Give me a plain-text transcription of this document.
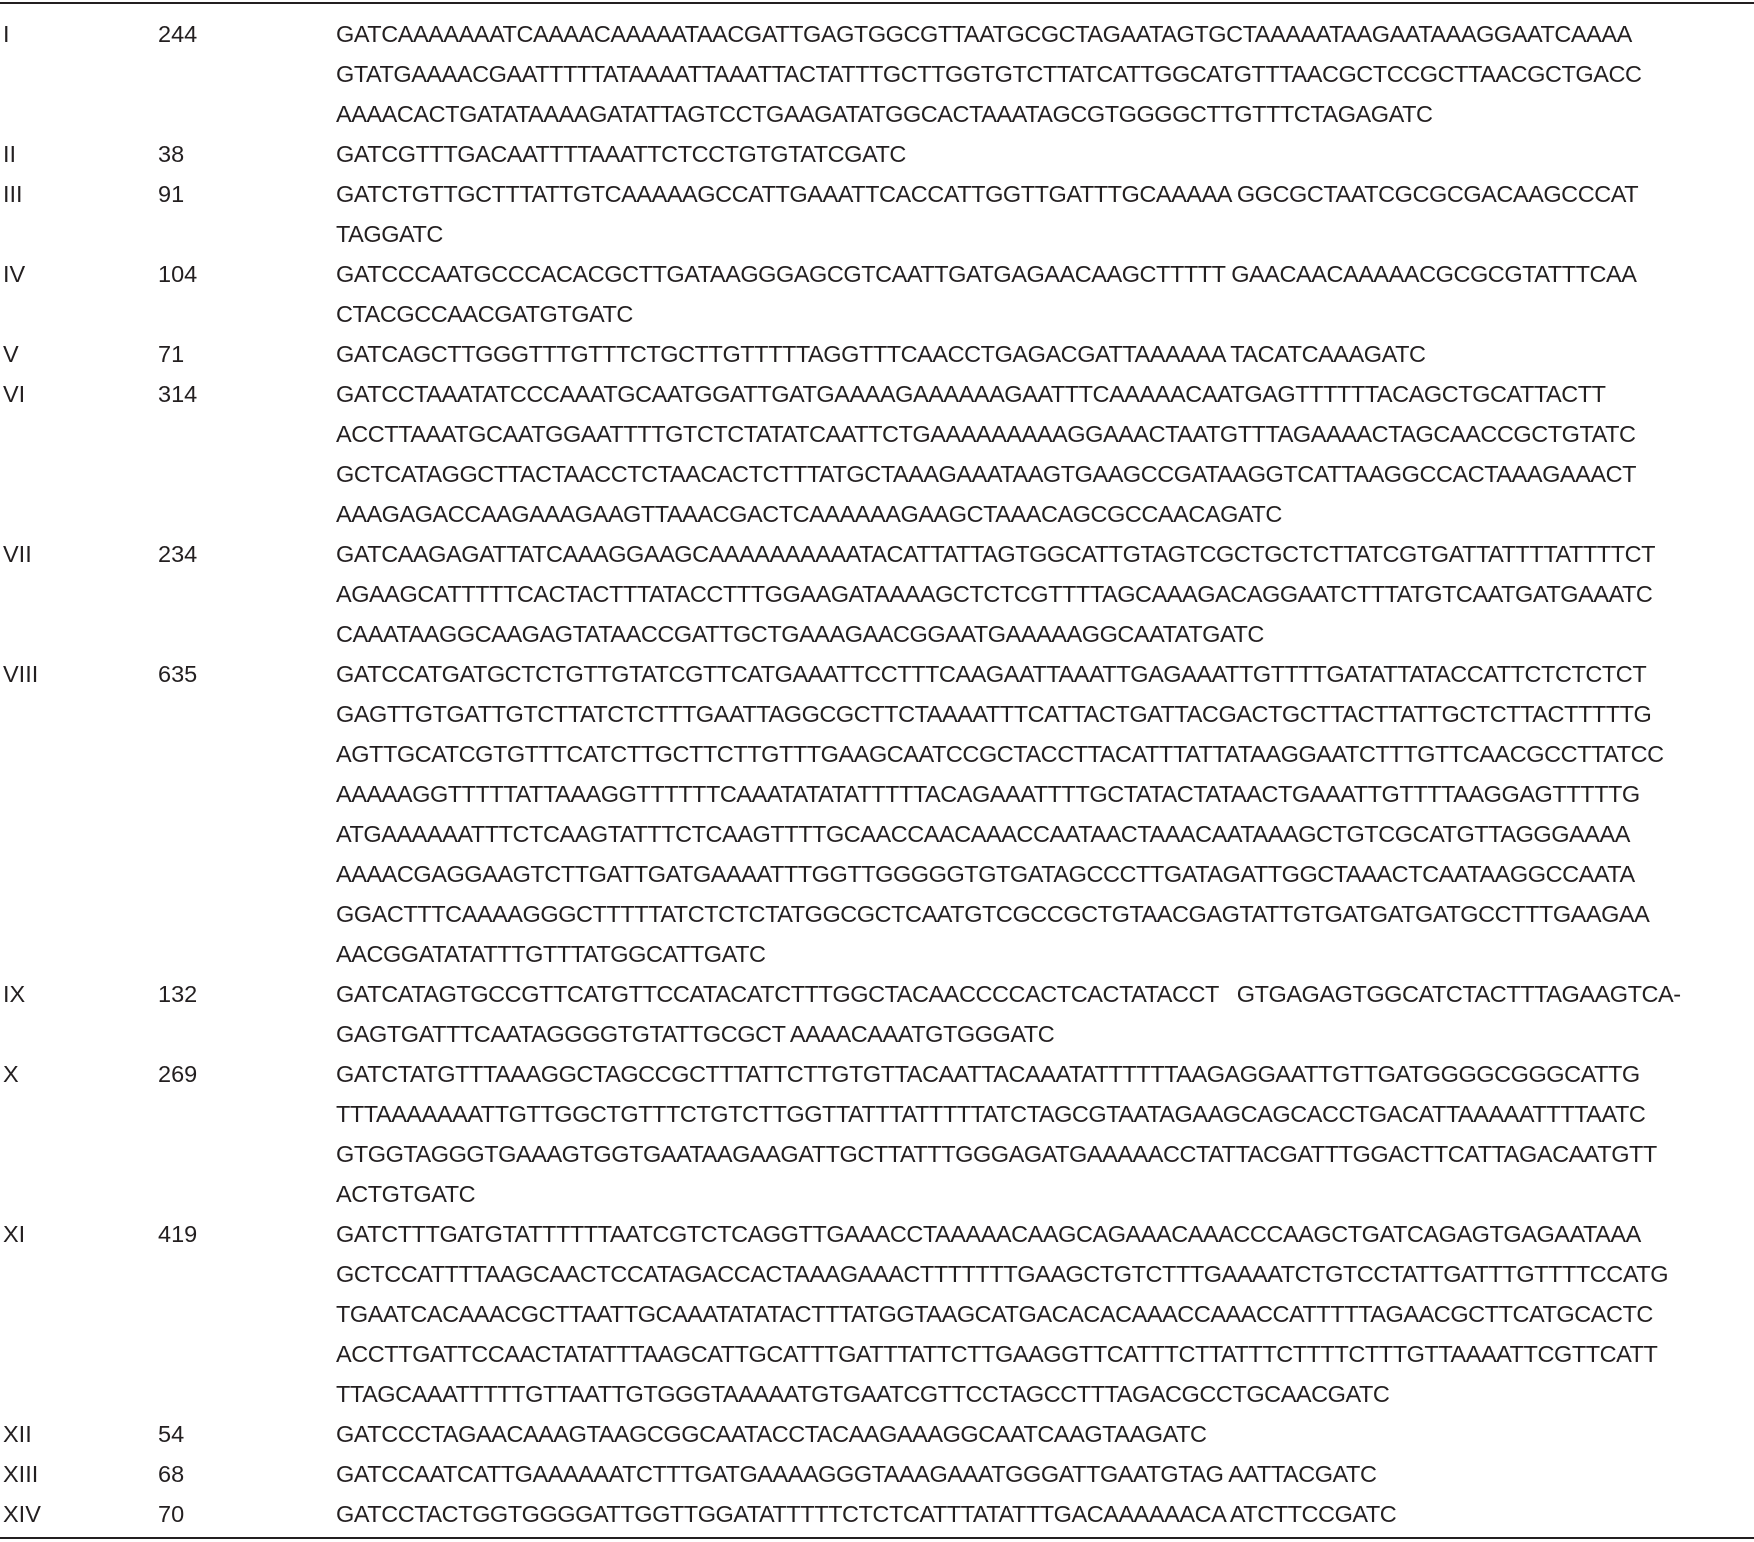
I	244	GATCAAAAAAATCAAAACAAAAATAACGATTGAGTGGCGTTAATGCGCTAGAATAGTGCTAAAAATAAGAATAAAGGAATCAAAA
GTATGAAAACGAATTTTTATAAAATTAAATTACTATTTGCTTGGTGTCTTATCATTGGCATGTTTAACGCTCCGCTTAACGCTGACC
AAAACACTGATATAAAAGATATTAGTCCTGAAGATATGGCACTAAATAGCGTGGGGCTTGTTTCTAGAGATC
II	38	GATCGTTTGACAATTTTAAATTCTCCTGTGTATCGATC
III	91	GATCTGTTGCTTTATTGTCAAAAAGCCATTGAAATTCACCATTGGTTGATTTGCAAAAA GGCGCTAATCGCGCGACAAGCCCAT
TAGGATC
IV	104	GATCCCAATGCCCACACGCTTGATAAGGGAGCGTCAATTGATGAGAACAAGCTTTTT GAACAACAAAAACGCGCGTATTTCAA
CTACGCCAACGATGTGATC
V	71	GATCAGCTTGGGTTTGTTTCTGCTTGTTTTTAGGTTTCAACCTGAGACGATTAAAAAA TACATCAAAGATC
VI	314	GATCCTAAATATCCCAAATGCAATGGATTGATGAAAAGAAAAAAGAATTTCAAAAACAATGAGTTTTTTACAGCTGCATTACTT
ACCTTAAATGCAATGGAATTTTGTCTCTATATCAATTCTGAAAAAAAAAGGAAACTAATGTTTAGAAAACTAGCAACCGCTGTATC
GCTCATAGGCTTACTAACCTCTAACACTCTTTATGCTAAAGAAATAAGTGAAGCCGATAAGGTCATTAAGGCCACTAAAGAAACT
AAAGAGACCAAGAAAGAAGTTAAACGACTCAAAAAAGAAGCTAAACAGCGCCAACAGATC
VII	234	GATCAAGAGATTATCAAAGGAAGCAAAAAAAAAATACATTATTAGTGGCATTGTAGTCGCTGCTCTTATCGTGATTATTTTATTTTCT
AGAAGCATTTTTCACTACTTTATACCTTTGGAAGATAAAAGCTCTCGTTTTAGCAAAGACAGGAATCTTTATGTCAATGATGAAATC
CAAATAAGGCAAGAGTATAACCGATTGCTGAAAGAACGGAATGAAAAAGGCAATATGATC
VIII	635	GATCCATGATGCTCTGTTGTATCGTTCATGAAATTCCTTTCAAGAATTAAATTGAGAAATTGTTTTGATATTATACCATTCTCTCTCT
GAGTTGTGATTGTCTTATCTCTTTGAATTAGGCGCTTCTAAAATTTCATTACTGATTACGACTGCTTACTTATTGCTCTTACTTTTTG
AGTTGCATCGTGTTTCATCTTGCTTCTTGTTTGAAGCAATCCGCTACCTTACATTTATTATAAGGAATCTTTGTTCAACGCCTTATCC
AAAAAGGTTTTTATTAAAGGTTTTTTCAAATATATATTTTTACAGAAATTTTGCTATACTATAACTGAAATTGTTTTAAGGAGTTTTTG
ATGAAAAAATTTCTCAAGTATTTCTCAAGTTTTGCAACCAACAAACCAATAACTAAACAATAAAGCTGTCGCATGTTAGGGAAAA
AAAACGAGGAAGTCTTGATTGATGAAAATTTGGTTGGGGGTGTGATAGCCCTTGATAGATTGGCTAAACTCAATAAGGCCAATA
GGACTTTCAAAAGGGCTTTTTATCTCTCTATGGCGCTCAATGTCGCCGCTGTAACGAGTATTGTGATGATGATGCCTTTGAAGAA
AACGGATATATTTGTTTATGGCATTGATC
IX	132	GATCATAGTGCCGTTCATGTTCCATACATCTTTGGCTACAACCCCACTCACTATACCT   GTGAGAGTGGCATCTACTTTAGAAGTCA-
GAGTGATTTCAATAGGGGTGTATTGCGCT AAAACAAATGTGGGATC
X	269	GATCTATGTTTAAAGGCTAGCCGCTTTATTCTTGTGTTACAATTACAAATATTTTTTAAGAGGAATTGTTGATGGGGCGGGCATTG
TTTAAAAAAATTGTTGGCTGTTTCTGTCTTGGTTATTTATTTTTATCTAGCGTAATAGAAGCAGCACCTGACATTAAAAATTTTAATC
GTGGTAGGGTGAAAGTGGTGAATAAGAAGATTGCTTATTTGGGAGATGAAAAACCTATTACGATTTGGACTTCATTAGACAATGTT
ACTGTGATC
XI	419	GATCTTTGATGTATTTTTTAATCGTCTCAGGTTGAAACCTAAAAACAAGCAGAAACAAACCCAAGCTGATCAGAGTGAGAATAAA
GCTCCATTTTAAGCAACTCCATAGACCACTAAAGAAACTTTTTTTGAAGCTGTCTTTGAAAATCTGTCCTATTGATTTGTTTTCCATG
TGAATCACAAACGCTTAATTGCAAATATATACTTTATGGTAAGCATGACACACAAACCAAACCATTTTTAGAACGCTTCATGCACTC
ACCTTGATTCCAACTATATTTAAGCATTGCATTTGATTTATTCTTGAAGGTTCATTTCTTATTTCTTTTCTTTGTTAAAATTCGTTCATT
TTAGCAAATTTTTGTTAATTGTGGGTAAAAATGTGAATCGTTCCTAGCCTTTAGACGCCTGCAACGATC
XII	54	GATCCCTAGAACAAAGTAAGCGGCAATACCTACAAGAAAGGCAATCAAGTAAGATC
XIII	68	GATCCAATCATTGAAAAAATCTTTGATGAAAAGGGTAAAGAAATGGGATTGAATGTAG AATTACGATC
XIV	70	GATCCTACTGGTGGGGATTGGTTGGATATTTTTCTCTCATTTATATTTGACAAAAAACA ATCTTCCGATC
